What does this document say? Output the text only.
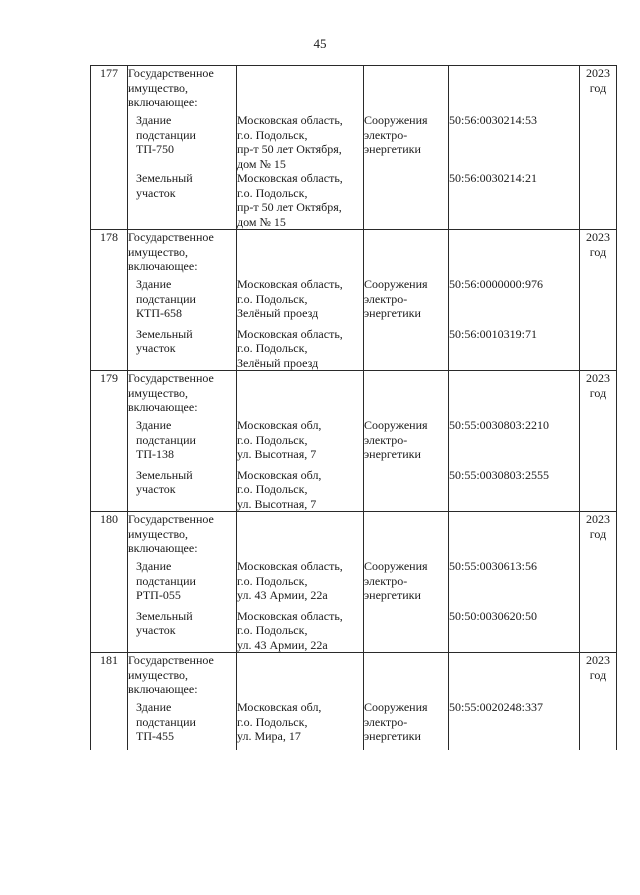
45
177	Государственное
имущество,
включающее:				2023
год

	Здание
подстанции
ТП-750	Московская область,
г.о. Подольск,
пр-т 50 лет Октября,
дом № 15	Сооружения
электро-
энергетики	50:56:0030214:53	

	Земельный
участок	Московская область,
г.о. Подольск,
пр-т 50 лет Октября,
дом № 15		50:56:0030214:21	
178	Государственное
имущество,
включающее:				2023
год

	Здание
подстанции
КТП-658	Московская область,
г.о. Подольск,
Зелёный проезд	Сооружения
электро-
энергетики	50:56:0000000:976	

	Земельный
участок	Московская область,
г.о. Подольск,
Зелёный проезд		50:56:0010319:71	
179	Государственное
имущество,
включающее:				2023
год

	Здание
подстанции
ТП-138	Московская обл,
г.о. Подольск,
ул. Высотная, 7	Сооружения
электро-
энергетики	50:55:0030803:2210	

	Земельный
участок	Московская обл,
г.о. Подольск,
ул. Высотная, 7		50:55:0030803:2555	
180	Государственное
имущество,
включающее:				2023
год

	Здание
подстанции
РТП-055	Московская область,
г.о. Подольск,
ул. 43 Армии, 22а	Сооружения
электро-
энергетики	50:55:0030613:56	

	Земельный
участок	Московская область,
г.о. Подольск,
ул. 43 Армии, 22а		50:50:0030620:50	
181	Государственное
имущество,
включающее:				2023
год

	Здание
подстанции
ТП-455	Московская обл,
г.о. Подольск,
ул. Мира, 17	Сооружения
электро-
энергетики	50:55:0020248:337	
